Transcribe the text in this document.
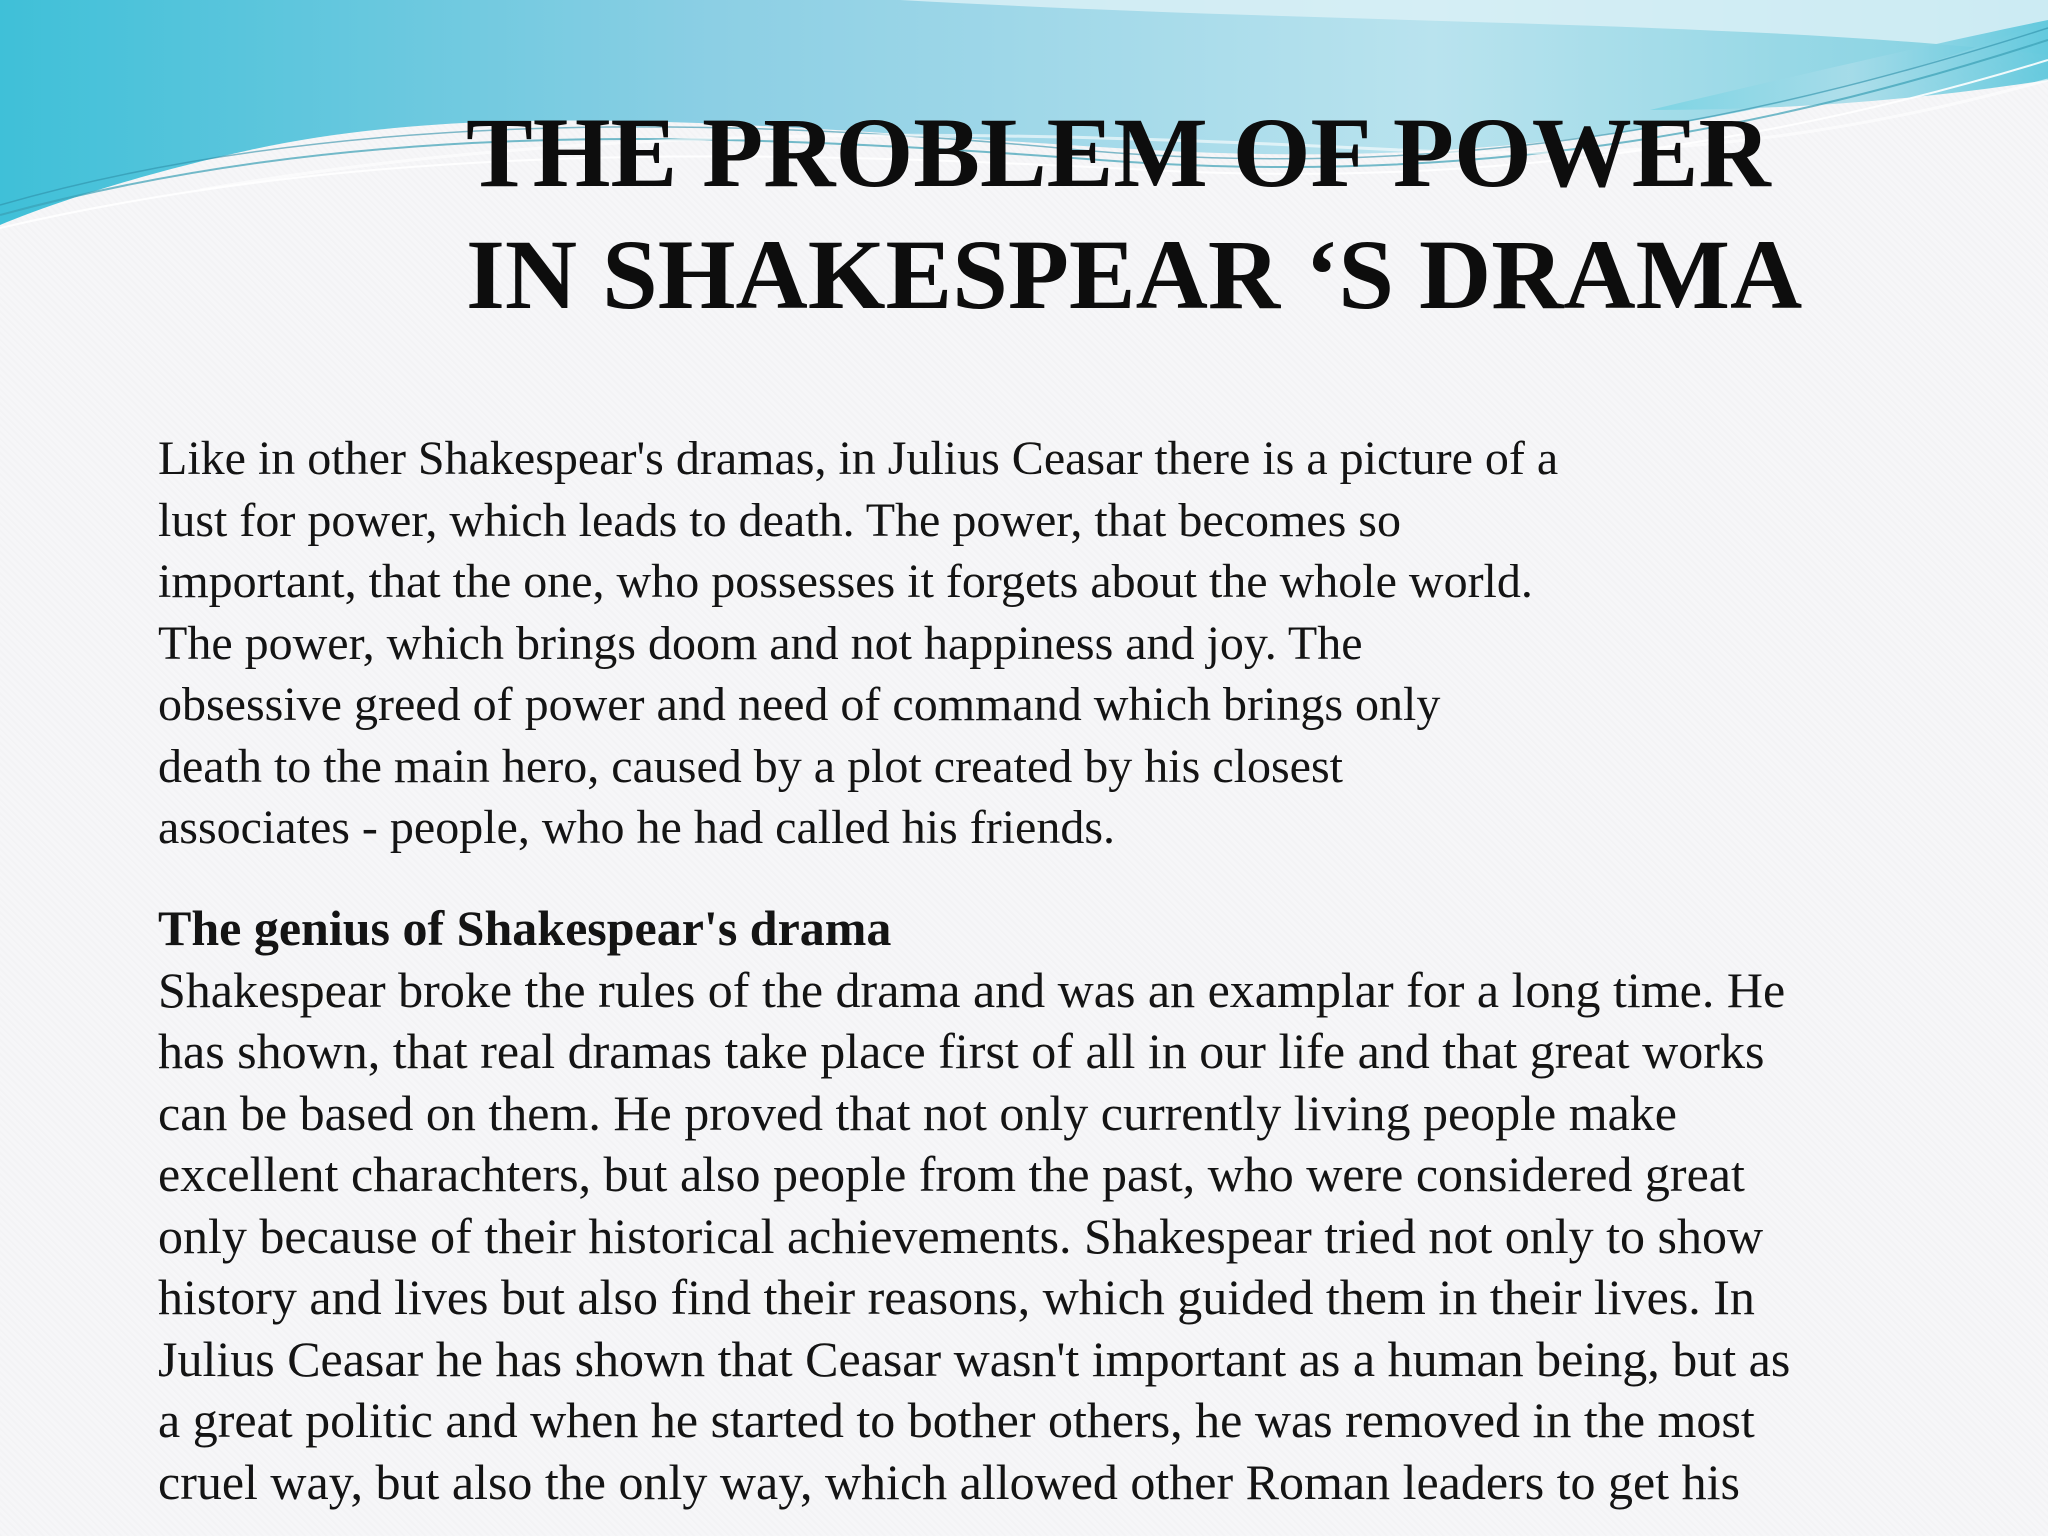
THE PROBLEM OF POWER
IN SHAKESPEAR ‘S DRAMA

Like in other Shakespear's dramas, in Julius Ceasar there is a picture of a
lust for power, which leads to death. The power, that becomes so
important, that the one, who possesses it forgets about the whole world.
The power, which brings doom and not happiness and joy. The
obsessive greed of power and need of command which brings only
death to the main hero, caused by a plot created by his closest
associates - people, who he had called his friends.

The genius of Shakespear's drama
Shakespear broke the rules of the drama and was an examplar for a long time. He
has shown, that real dramas take place first of all in our life and that great works
can be based on them. He proved that not only currently living people make
excellent charachters, but also people from the past, who were considered great
only because of their historical achievements. Shakespear tried not only to show
history and lives but also find their reasons, which guided them in their lives. In
Julius Ceasar he has shown that Ceasar wasn't important as a human being, but as
a great politic and when he started to bother others, he was removed in the most
cruel way, but also the only way, which allowed other Roman leaders to get his
